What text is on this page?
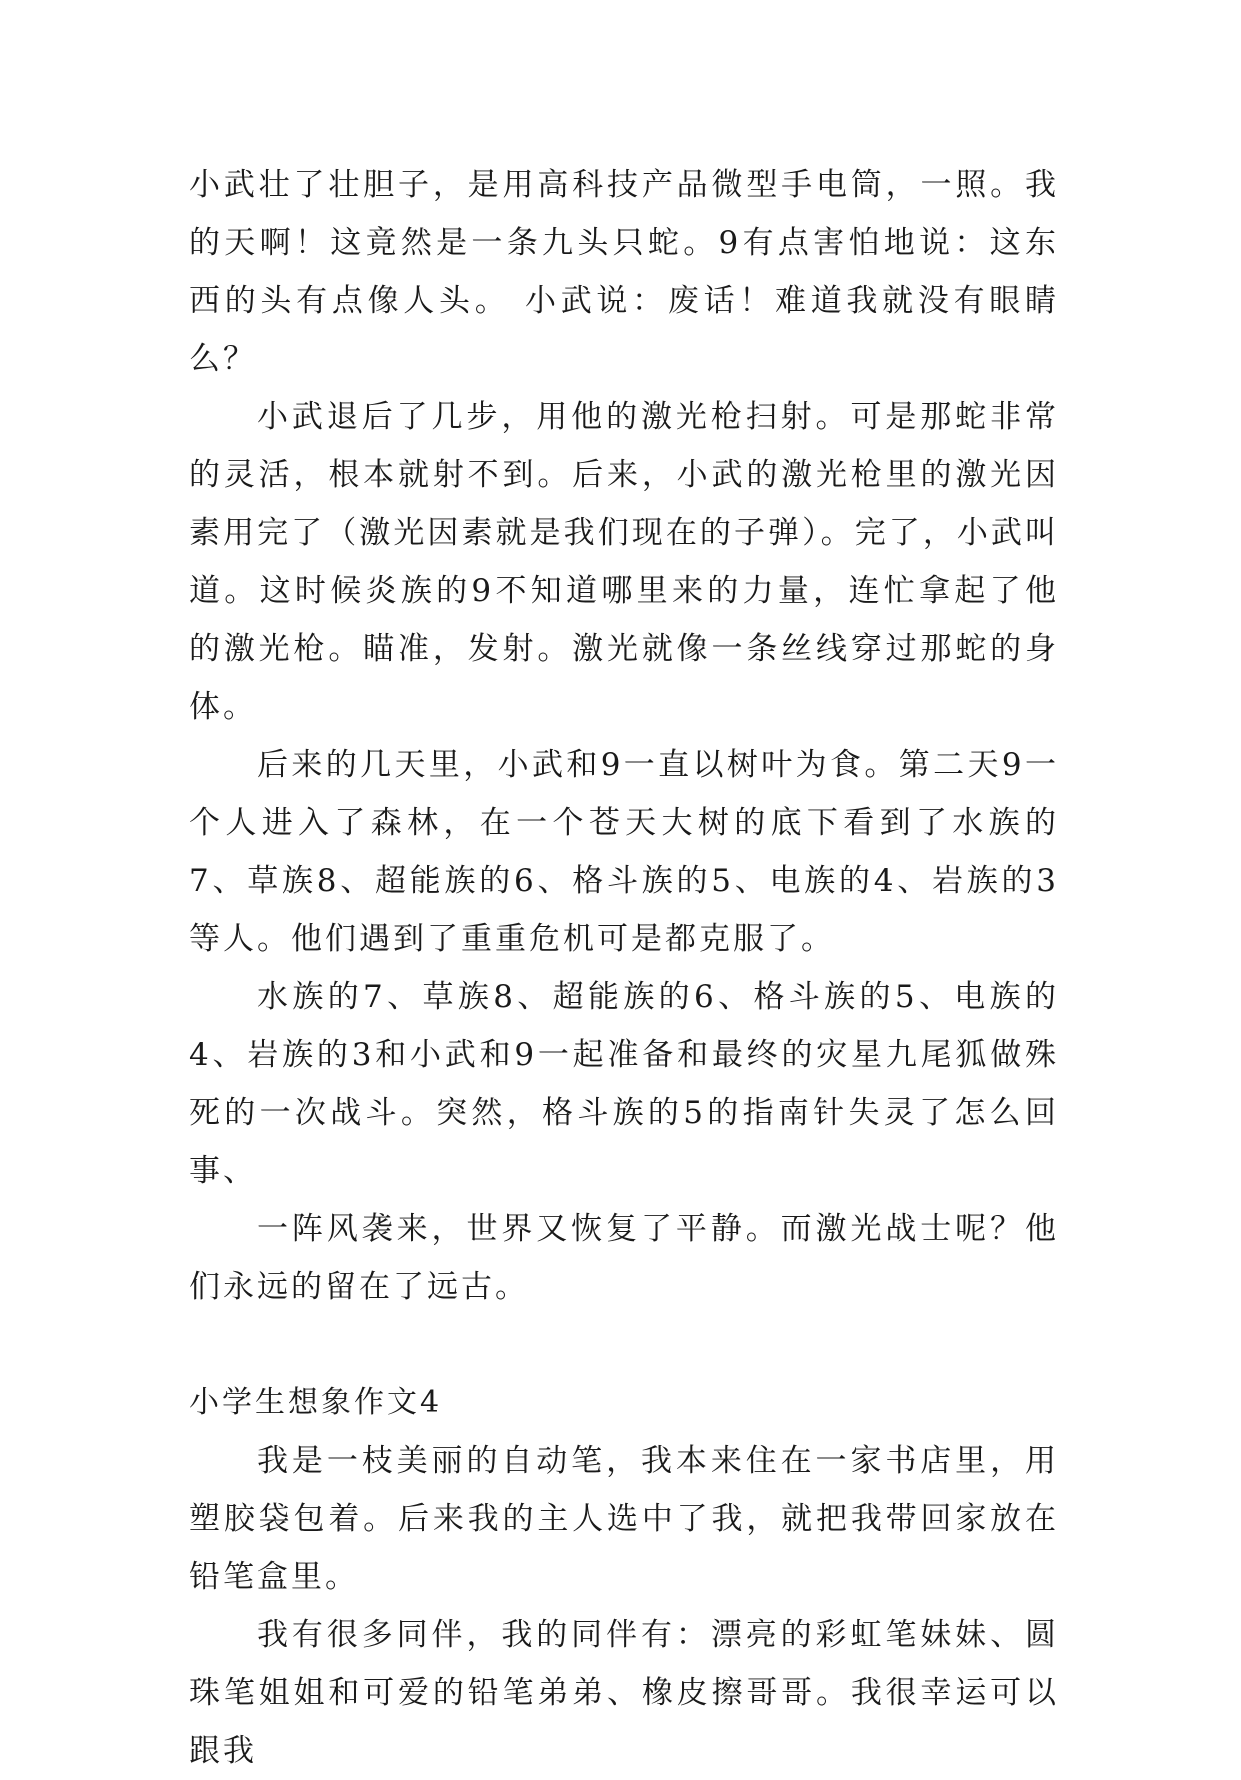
小武壮了壮胆子，是用高科技产品微型手电筒，一照。我的天啊！这竟然是一条九头只蛇。9有点害怕地说：这东西的头有点像人头。 小武说：废话！难道我就没有眼睛么？

小武退后了几步，用他的激光枪扫射。可是那蛇非常的灵活，根本就射不到。后来，小武的激光枪里的激光因素用完了（激光因素就是我们现在的子弹）。完了，小武叫道。这时候炎族的9不知道哪里来的力量，连忙拿起了他的激光枪。瞄准，发射。激光就像一条丝线穿过那蛇的身体。

后来的几天里，小武和9一直以树叶为食。第二天9一个人进入了森林，在一个苍天大树的底下看到了水族的7、草族8、超能族的6、格斗族的5、电族的4、岩族的3等人。他们遇到了重重危机可是都克服了。

水族的7、草族8、超能族的6、格斗族的5、电族的4、岩族的3和小武和9一起准备和最终的灾星九尾狐做殊死的一次战斗。突然，格斗族的5的指南针失灵了怎么回事、

一阵风袭来，世界又恢复了平静。而激光战士呢？他们永远的留在了远古。

小学生想象作文4

我是一枝美丽的自动笔，我本来住在一家书店里，用塑胶袋包着。后来我的主人选中了我，就把我带回家放在铅笔盒里。

我有很多同伴，我的同伴有：漂亮的彩虹笔妹妹、圆珠笔姐姐和可爱的铅笔弟弟、橡皮擦哥哥。我很幸运可以跟我
